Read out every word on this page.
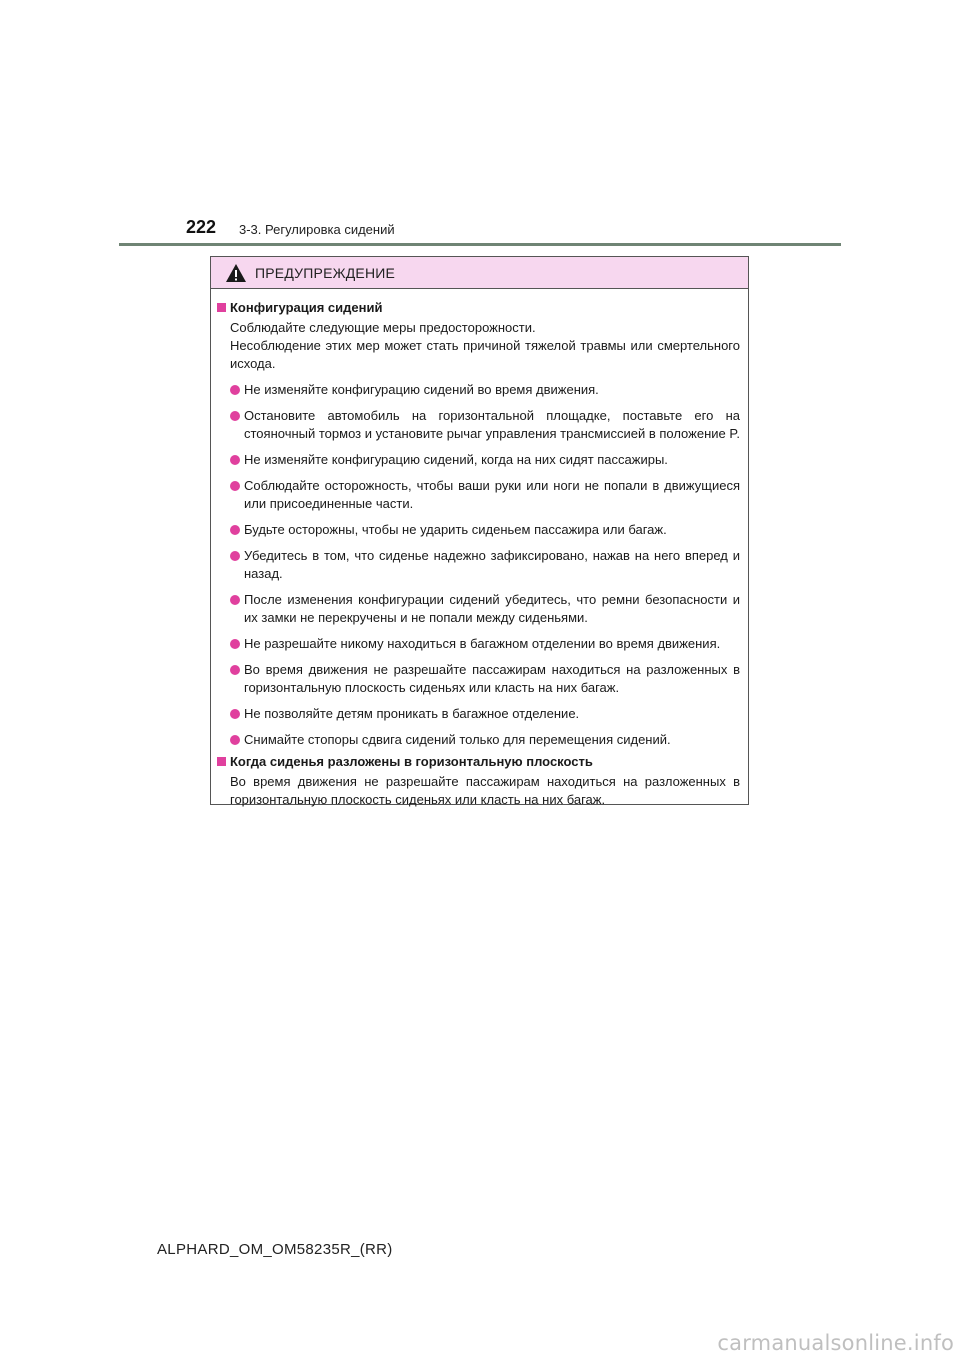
222 3-3. Регулировка сидений
ПРЕДУПРЕЖДЕНИЕ
Конфигурация сидений
Соблюдайте следующие меры предосторожности.
Несоблюдение этих мер может стать причиной тяжелой травмы или смертельного исхода.
Не изменяйте конфигурацию сидений во время движения.
Остановите автомобиль на горизонтальной площадке, поставьте его на стояночный тормоз и установите рычаг управления трансмиссией в положение P.
Не изменяйте конфигурацию сидений, когда на них сидят пассажиры.
Соблюдайте осторожность, чтобы ваши руки или ноги не попали в движущиеся или присоединенные части.
Будьте осторожны, чтобы не ударить сиденьем пассажира или багаж.
Убедитесь в том, что сиденье надежно зафиксировано, нажав на него вперед и назад.
После изменения конфигурации сидений убедитесь, что ремни безопасности и их замки не перекручены и не попали между сиденьями.
Не разрешайте никому находиться в багажном отделении во время движения.
Во время движения не разрешайте пассажирам находиться на разложенных в горизонтальную плоскость сиденьях или класть на них багаж.
Не позволяйте детям проникать в багажное отделение.
Снимайте стопоры сдвига сидений только для перемещения сидений.
Когда сиденья разложены в горизонтальную плоскость
Во время движения не разрешайте пассажирам находиться на разложенных в горизонтальную плоскость сиденьях или класть на них багаж.
ALPHARD_OM_OM58235R_(RR)
carmanualsonline.info
